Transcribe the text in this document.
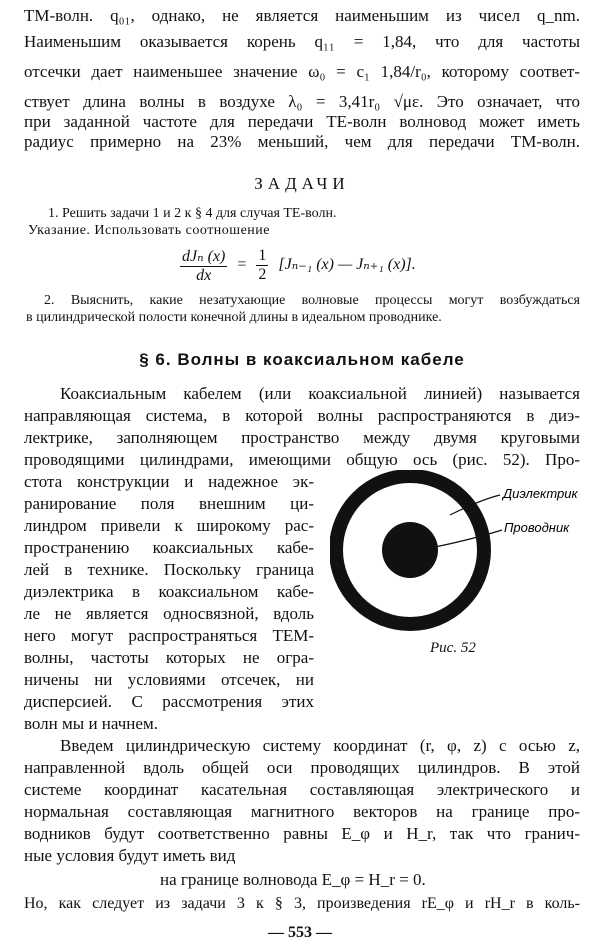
TM-волн. q₀₁, однако, не является наименьшим из чисел q_nm.
Наименьшим оказывается корень q₁₁ = 1,84, что для частоты
отсечки дает наименьшее значение ω₀ = c₁ 1,84/r₀, которому соответ-
ствует длина волны в воздухе λ₀ = 3,41r₀ √με. Это означает, что
при заданной частоте для передачи TE-волн волновод может иметь
радиус примерно на 23% меньший, чем для передачи TM-волн.
ЗАДАЧИ
1. Решить задачи 1 и 2 к § 4 для случая TE-волн.
Указание. Использовать соотношение
$\frac{\text{dJₙ (x)}}{dx} = \frac{1}{2} [J_{n-1}$ (x) — Jₙ₊₁ (x)].
2. Выяснить, какие незатухающие волновые процессы могут возбуждаться
в цилиндрической полости конечной длины в идеальном проводнике.
§ 6. Волны в коаксиальном кабеле
Коаксиальным кабелем (или коаксиальной линией) называется
направляющая система, в которой волны распространяются в диэ-
лектрике, заполняющем пространство между двумя круговыми
проводящими цилиндрами, имеющими общую ось (рис. 52). Про-
стота конструкции и надежное эк-
ранирование поля внешним ци-
линдром привели к широкому рас-
пространению коаксиальных кабе-
лей в технике. Поскольку граница
диэлектрика в коаксиальном кабе-
ле не является односвязной, вдоль
него могут распространяться TEM-
волны, частоты которых не огра-
ничены ни условиями отсечек, ни
дисперсией. С рассмотрения этих
волн мы и начнем.
Диэлектрик
Проводник
Рис. 52
Введем цилиндрическую систему координат (r, φ, z) с осью z,
направленной вдоль общей оси проводящих цилиндров. В этой
системе координат касательная составляющая электрического и
нормальная составляющая магнитного векторов на границе про-
водников будут соответственно равны E_φ и H_r, так что гранич-
ные условия будут иметь вид
на границе волновода E_φ = H_r = 0.
Но, как следует из задачи 3 к § 3, произведения rE_φ и rH_r в коль-
— 553 —
